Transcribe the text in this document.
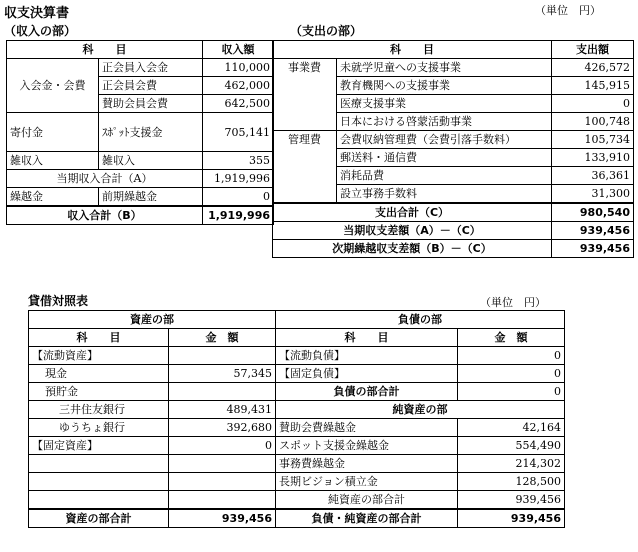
収支決算書	（単位　円）
（収入の部）	（支出の部）
科　　目		収入額
入会金・会費	正会員入会金	110,000
	正会員会費	462,000
	賛助会員会費	642,500
寄付金	ｽﾎﾟｯﾄ支援金	705,141
雑収入	雑収入	355
当期収入合計（A）		1,919,996
繰越金	前期繰越金	0
収入合計（B）		1,919,996
科　　目		支出額
事業費	未就学児童への支援事業	426,572
	教育機関への支援事業	145,915
	医療支援事業	0
	日本における啓蒙活動事業	100,748
管理費	会費収納管理費（会費引落手数料）	105,734
	郵送料・通信費	133,910
	消耗品費	36,361
	設立事務手数料	31,300
支出合計（C）		980,540
当期収支差額（A）－（C）		939,456
次期繰越収支差額（B）－（C）		939,456
貸借対照表	（単位　円）
資産の部		負債の部	
科　　目	金　額	科　　目	金　額
【流動資産】		【流動負債】	0
現金	57,345	【固定負債】	0
預貯金		負債の部合計	0
三井住友銀行	489,431	純資産の部	
ゆうちょ銀行	392,680	賛助会費繰越金	42,164
【固定資産】	0	スポット支援金繰越金	554,490
		事務費繰越金	214,302
		長期ビジョン積立金	128,500
		純資産の部合計	939,456
資産の部合計	939,456	負債・純資産の部合計	939,456
